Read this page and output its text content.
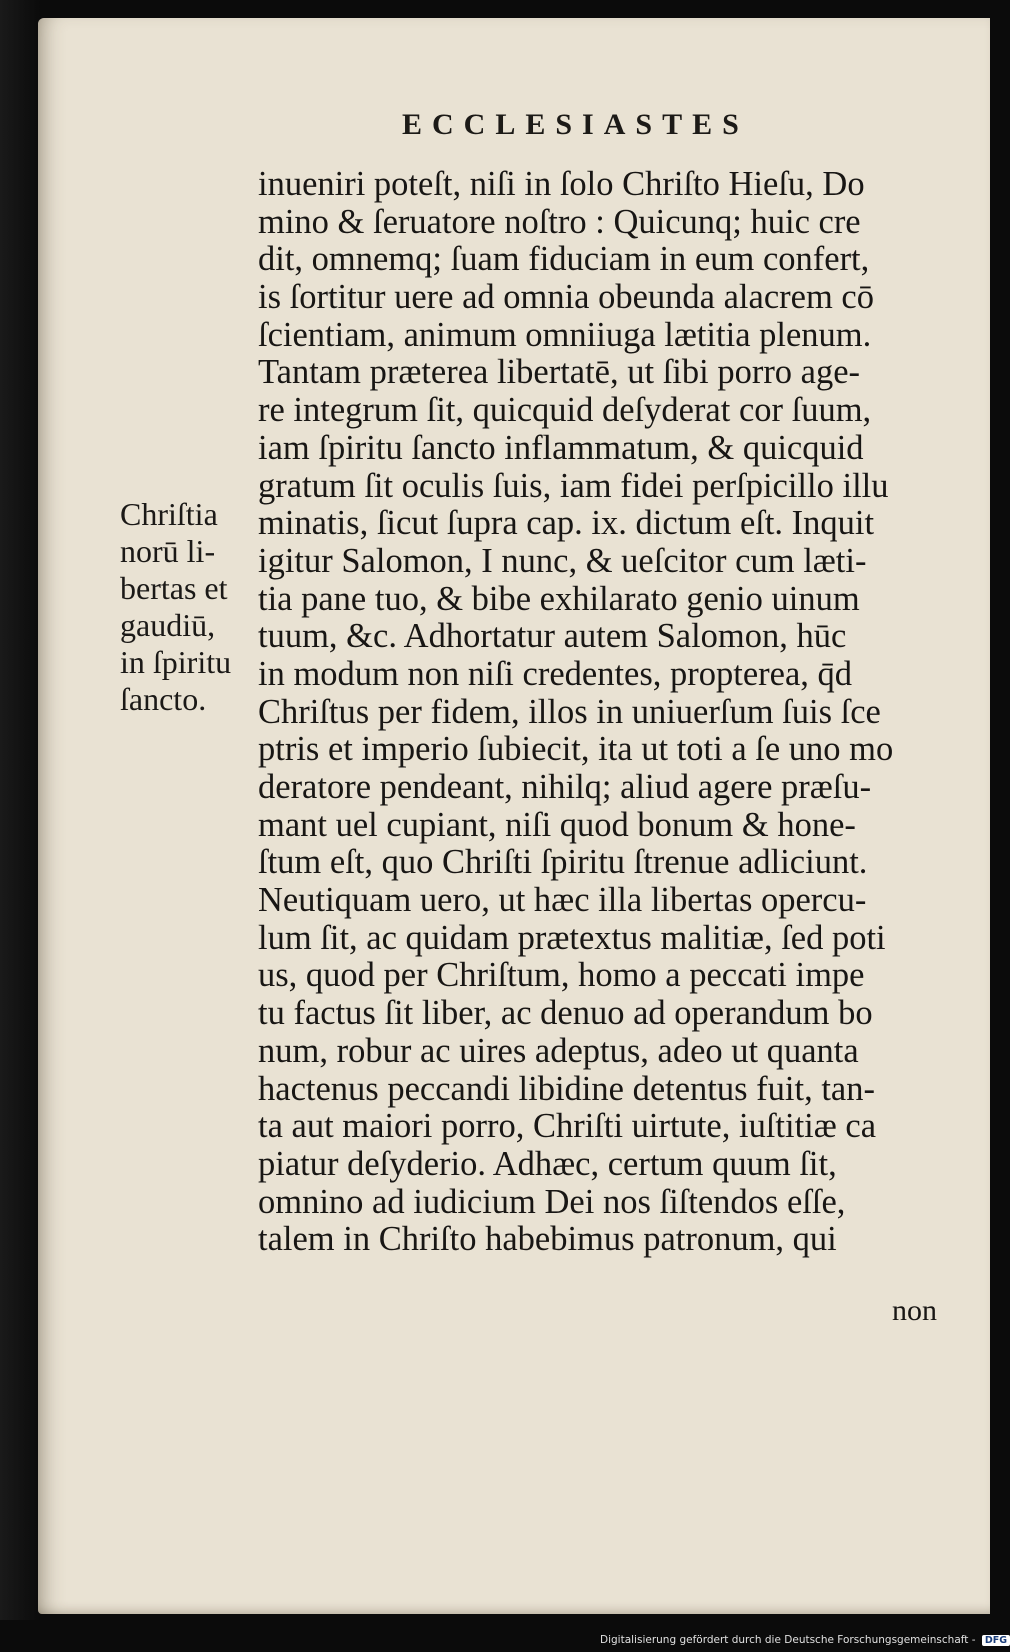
ECCLESIASTES
inueniri poteſt, niſi in ſolo Chriſto Hieſu, Do
mino & ſeruatore noſtro : Quicunq; huic cre
dit, omnemq; ſuam fiduciam in eum confert,
is ſortitur uere ad omnia obeunda alacrem cō
ſcientiam, animum omniiuga lætitia plenum.
Tantam præterea libertatē, ut ſibi porro age-
re integrum ſit, quicquid deſyderat cor ſuum,
iam ſpiritu ſancto inflammatum, & quicquid
gratum ſit oculis ſuis, iam fidei perſpicillo illu
minatis, ſicut ſupra cap. ix. dictum eſt. Inquit
igitur Salomon, I nunc, & ueſcitor cum læti-
tia pane tuo, & bibe exhilarato genio uinum
tuum, &c. Adhortatur autem Salomon, hūc
in modum non niſi credentes, propterea, q̄d
Chriſtus per fidem, illos in uniuerſum ſuis ſce
ptris et imperio ſubiecit, ita ut toti a ſe uno mo
deratore pendeant, nihilq; aliud agere præſu-
mant uel cupiant, niſi quod bonum & hone-
ſtum eſt, quo Chriſti ſpiritu ſtrenue adliciunt.
Neutiquam uero, ut hæc illa libertas opercu-
lum ſit, ac quidam prætextus malitiæ, ſed poti
us, quod per Chriſtum, homo a peccati impe
tu factus ſit liber, ac denuo ad operandum bo
num, robur ac uires adeptus, adeo ut quanta
hactenus peccandi libidine detentus fuit, tan-
ta aut maiori porro, Chriſti uirtute, iuſtitiæ ca
piatur deſyderio. Adhæc, certum quum ſit,
omnino ad iudicium Dei nos ſiſtendos eſſe,
talem in Chriſto habebimus patronum, qui
Chriſtia
norū li-
bertas et
gaudiū,
in ſpiritu
ſancto.
non
Digitalisierung gefördert durch die Deutsche Forschungsgemeinschaft - DFG
